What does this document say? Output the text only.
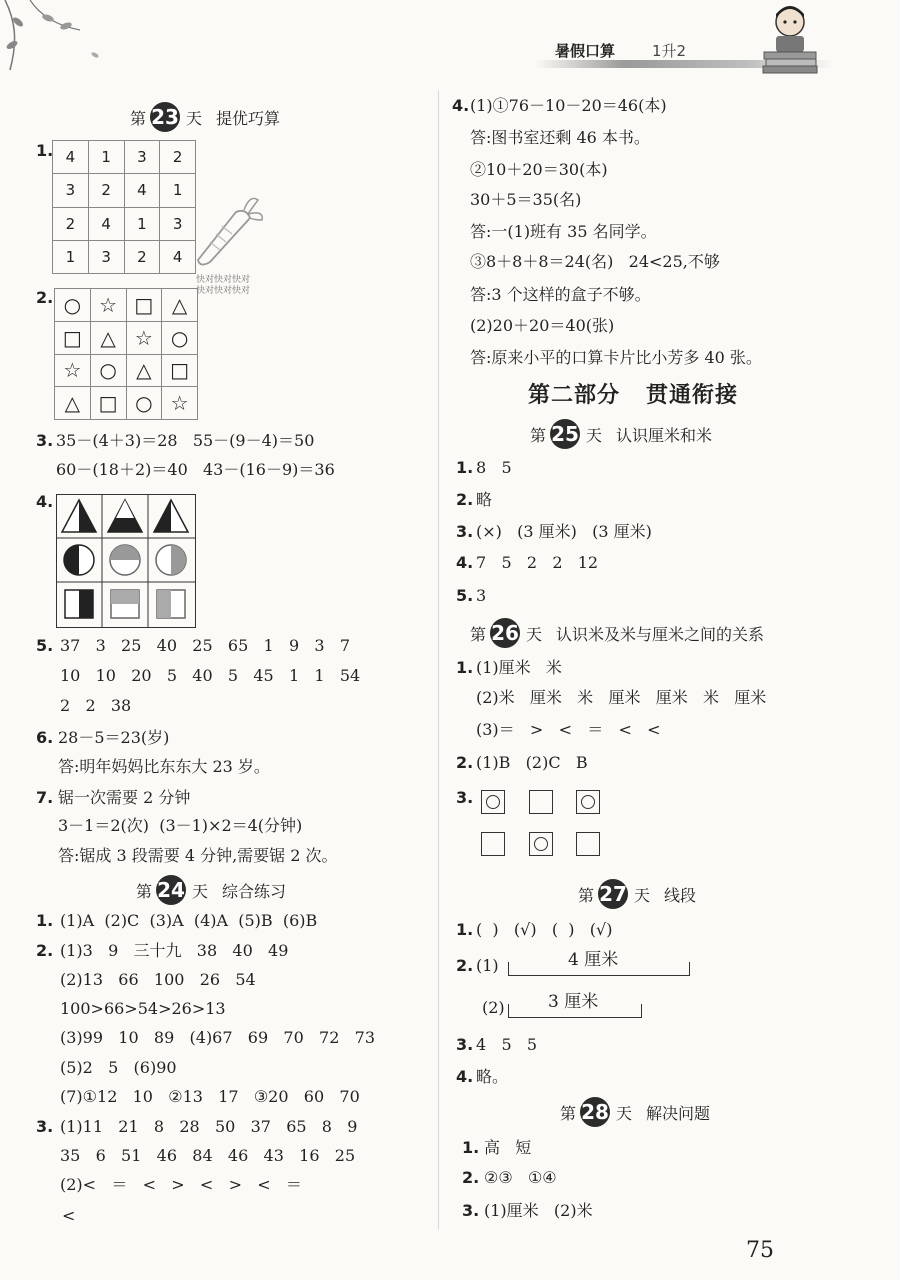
暑假口算 1升2
第 23 天 提优巧算
1. 4	1	3	2
3	2	4	1
2	4	1	3
1	3	2	4
快对快对快对
快对快对快对
2. ○	☆	□	△
□	△	☆	○
☆	○	△	□
△	□	○	☆
3. 35－(4＋3)＝28   55－(9－4)＝50
60－(18＋2)＝40   43－(16－9)＝36
4.
5. 37   3   25   40   25   65   1   9   3   7
10   10   20   5   40   5   45   1   1   54
2   2   38
6. 28－5＝23(岁)
答:明年妈妈比东东大 23 岁。
7. 锯一次需要 2 分钟
3－1＝2(次)  (3－1)×2＝4(分钟)
答:锯成 3 段需要 4 分钟,需要锯 2 次。
第 24 天 综合练习
1. (1)A  (2)C  (3)A  (4)A  (5)B  (6)B
2. (1)3   9   三十九   38   40   49
(2)13   66   100   26   54
100>66>54>26>13
(3)99   10   89   (4)67   69   70   72   73
(5)2   5   (6)90
(7)①12   10   ②13   17   ③20   60   70
3. (1)11   21   8   28   50   37   65   8   9
35   6   51   46   84   46   43   16   25
(2)<   ＝   <   >   <   >   <   ＝
<
4. (1)①76－10－20＝46(本)
答:图书室还剩 46 本书。
②10＋20＝30(本)
30＋5＝35(名)
答:一(1)班有 35 名同学。
③8＋8＋8＝24(名)   24<25,不够
答:3 个这样的盒子不够。
(2)20＋20＝40(张)
答:原来小平的口算卡片比小芳多 40 张。
第二部分   贯通衔接
第 25 天 认识厘米和米
1. 8   5
2. 略
3. (×)   (3 厘米)   (3 厘米)
4. 7   5   2   2   12
5. 3
第 26 天 认识米及米与厘米之间的关系
1. (1)厘米   米
(2)米   厘米   米   厘米   厘米   米   厘米
(3)＝   >   <   ＝   <   <
2. (1)B   (2)C   B
3.
第 27 天 线段
1. (  )   (√)   (  )   (√)
2. (1)	4 厘米
(2)	3 厘米
3. 4   5   5
4. 略。
第 28 天 解决问题
1. 高   短
2. ②③   ①④
3. (1)厘米   (2)米
75
